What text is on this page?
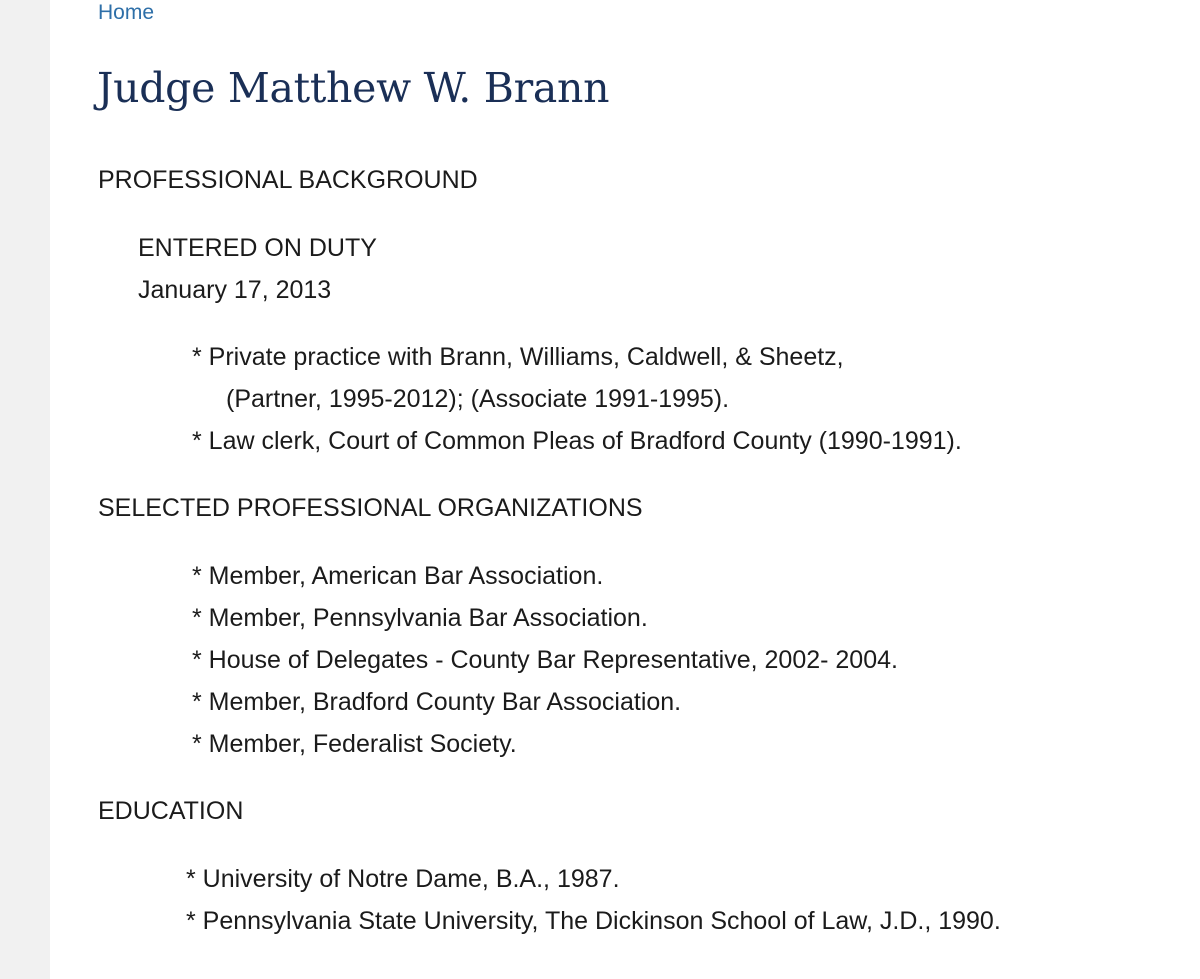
Home
Judge Matthew W. Brann
PROFESSIONAL BACKGROUND
ENTERED ON DUTY
January 17, 2013
* Private practice with Brann, Williams, Caldwell, & Sheetz,
(Partner, 1995-2012); (Associate 1991-1995).
* Law clerk, Court of Common Pleas of Bradford County (1990-1991).
SELECTED PROFESSIONAL ORGANIZATIONS
* Member, American Bar Association.
* Member, Pennsylvania Bar Association.
* House of Delegates - County Bar Representative, 2002- 2004.
* Member, Bradford County Bar Association.
* Member, Federalist Society.
EDUCATION
* University of Notre Dame, B.A., 1987.
* Pennsylvania State University, The Dickinson School of Law, J.D., 1990.
